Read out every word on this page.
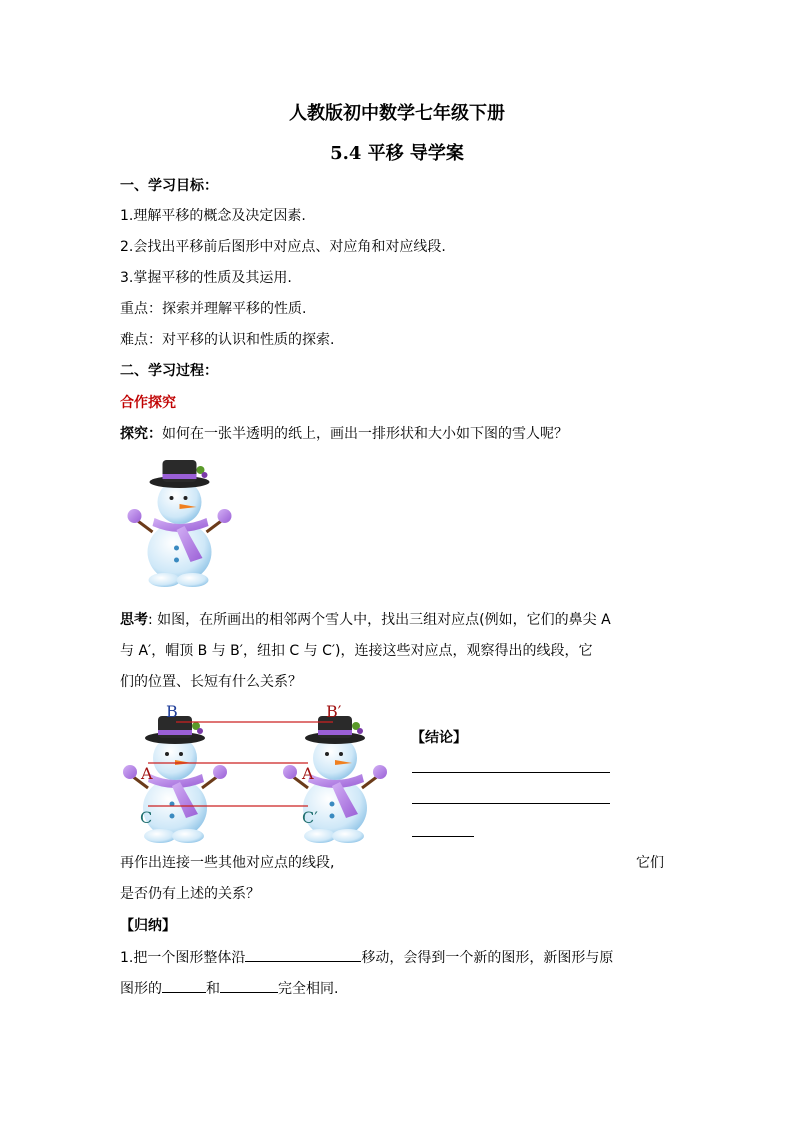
人教版初中数学七年级下册
5.4 平移 导学案
一、学习目标：
1.理解平移的概念及决定因素.
2.会找出平移前后图形中对应点、对应角和对应线段.
3.掌握平移的性质及其运用.
重点：探索并理解平移的性质.
难点：对平移的认识和性质的探索.
二、学习过程：
合作探究
探究：如何在一张半透明的纸上，画出一排形状和大小如下图的雪人呢？
思考: 如图，在所画出的相邻两个雪人中，找出三组对应点(例如，它们的鼻尖 A
与 A′，帽顶 B 与 B′，纽扣 C 与 C′)，连接这些对应点，观察得出的线段，它
们的位置、长短有什么关系？
B	B′
A	A
C	C′
【结论】
再作出连接一些其他对应点的线段,	它们
是否仍有上述的关系？
【归纳】
1.把一个图形整体沿	移动，会得到一个新的图形，新图形与原
图形的	和	完全相同.
